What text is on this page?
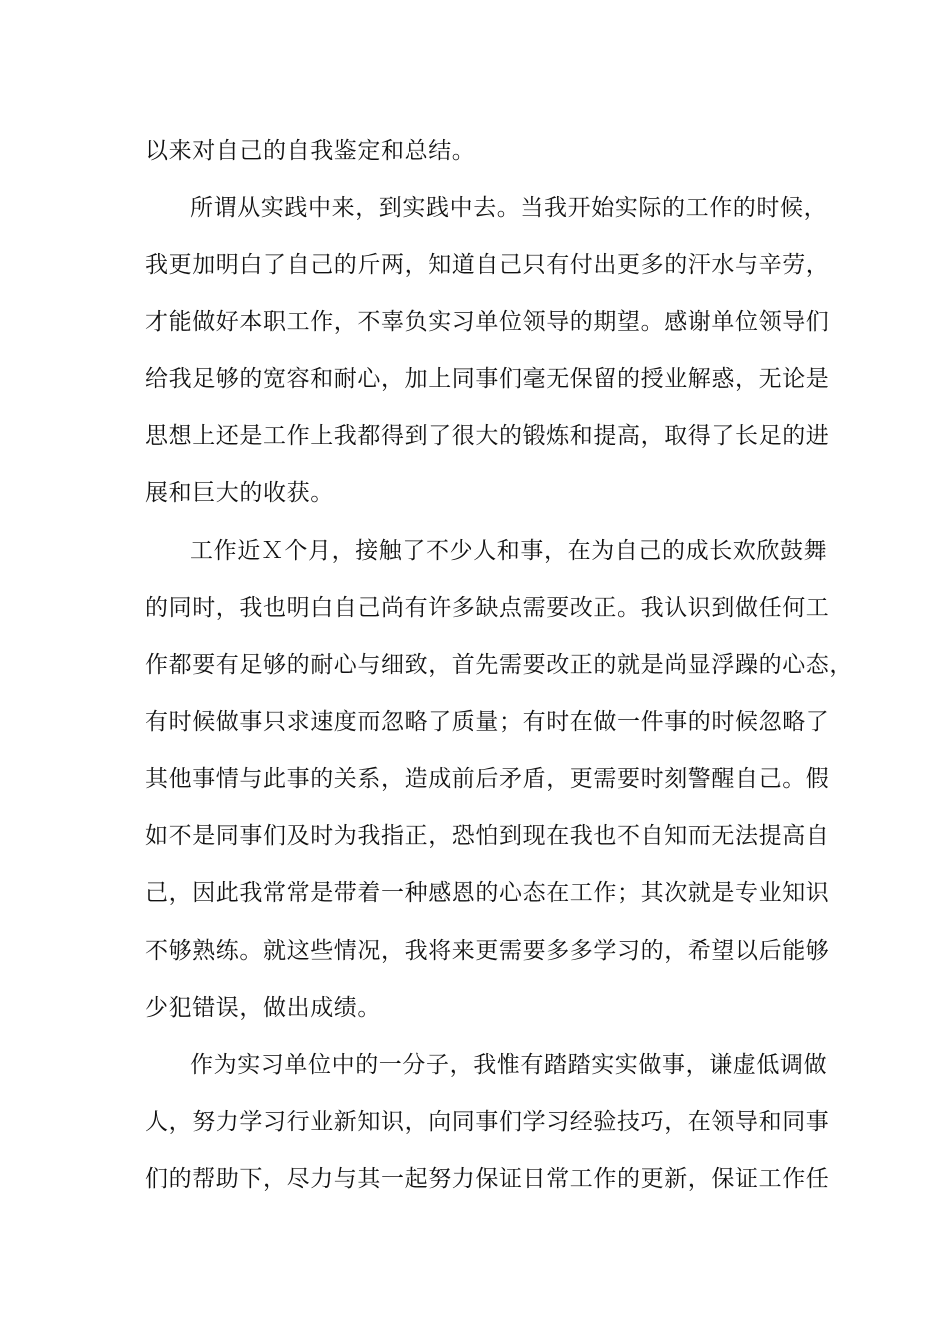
以来对自己的自我鉴定和总结。
所谓从实践中来，到实践中去。当我开始实际的工作的时候，
我更加明白了自己的斤两，知道自己只有付出更多的汗水与辛劳，
才能做好本职工作，不辜负实习单位领导的期望。感谢单位领导们
给我足够的宽容和耐心，加上同事们毫无保留的授业解惑，无论是
思想上还是工作上我都得到了很大的锻炼和提高，取得了长足的进
展和巨大的收获。
工作近Ｘ个月，接触了不少人和事，在为自己的成长欢欣鼓舞
的同时，我也明白自己尚有许多缺点需要改正。我认识到做任何工
作都要有足够的耐心与细致，首先需要改正的就是尚显浮躁的心态，
有时候做事只求速度而忽略了质量；有时在做一件事的时候忽略了
其他事情与此事的关系，造成前后矛盾，更需要时刻警醒自己。假
如不是同事们及时为我指正，恐怕到现在我也不自知而无法提高自
己，因此我常常是带着一种感恩的心态在工作；其次就是专业知识
不够熟练。就这些情况，我将来更需要多多学习的，希望以后能够
少犯错误，做出成绩。
作为实习单位中的一分子，我惟有踏踏实实做事，谦虚低调做
人，努力学习行业新知识，向同事们学习经验技巧，在领导和同事
们的帮助下，尽力与其一起努力保证日常工作的更新，保证工作任
